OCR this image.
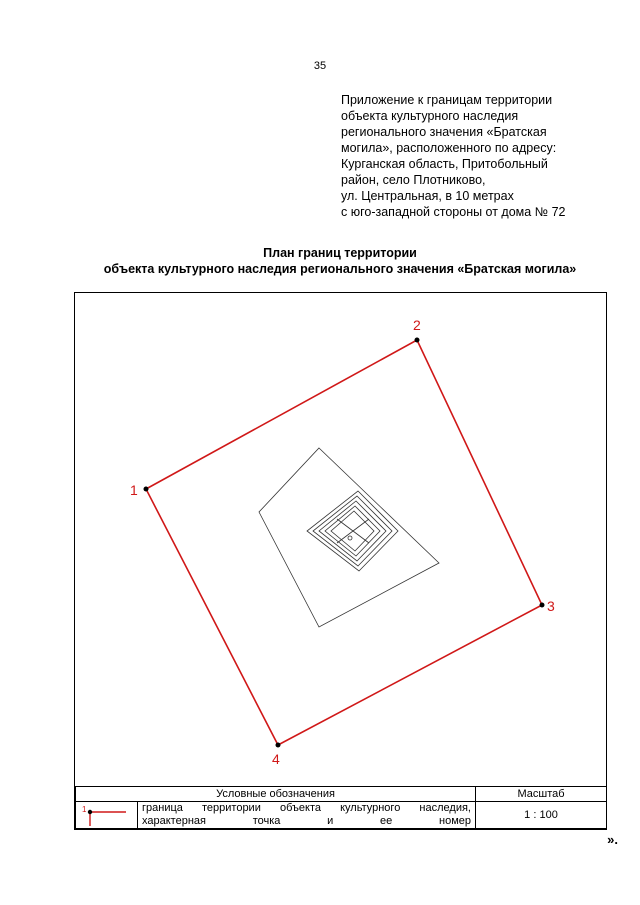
35
Приложение к границам территории
объекта культурного наследия
регионального значения «Братская
могила», расположенного по адресу:
Курганская область, Притобольный
район, село Плотниково,
ул. Центральная, в 10 метрах
с юго-западной стороны от дома № 72
План границ территории
объекта культурного наследия регионального значения «Братская могила»
1
2
3
4
Условные обозначения		Масштаб

1	граница территории объекта культурного наследия,
характерная точка и ее номер	1 : 100
».
